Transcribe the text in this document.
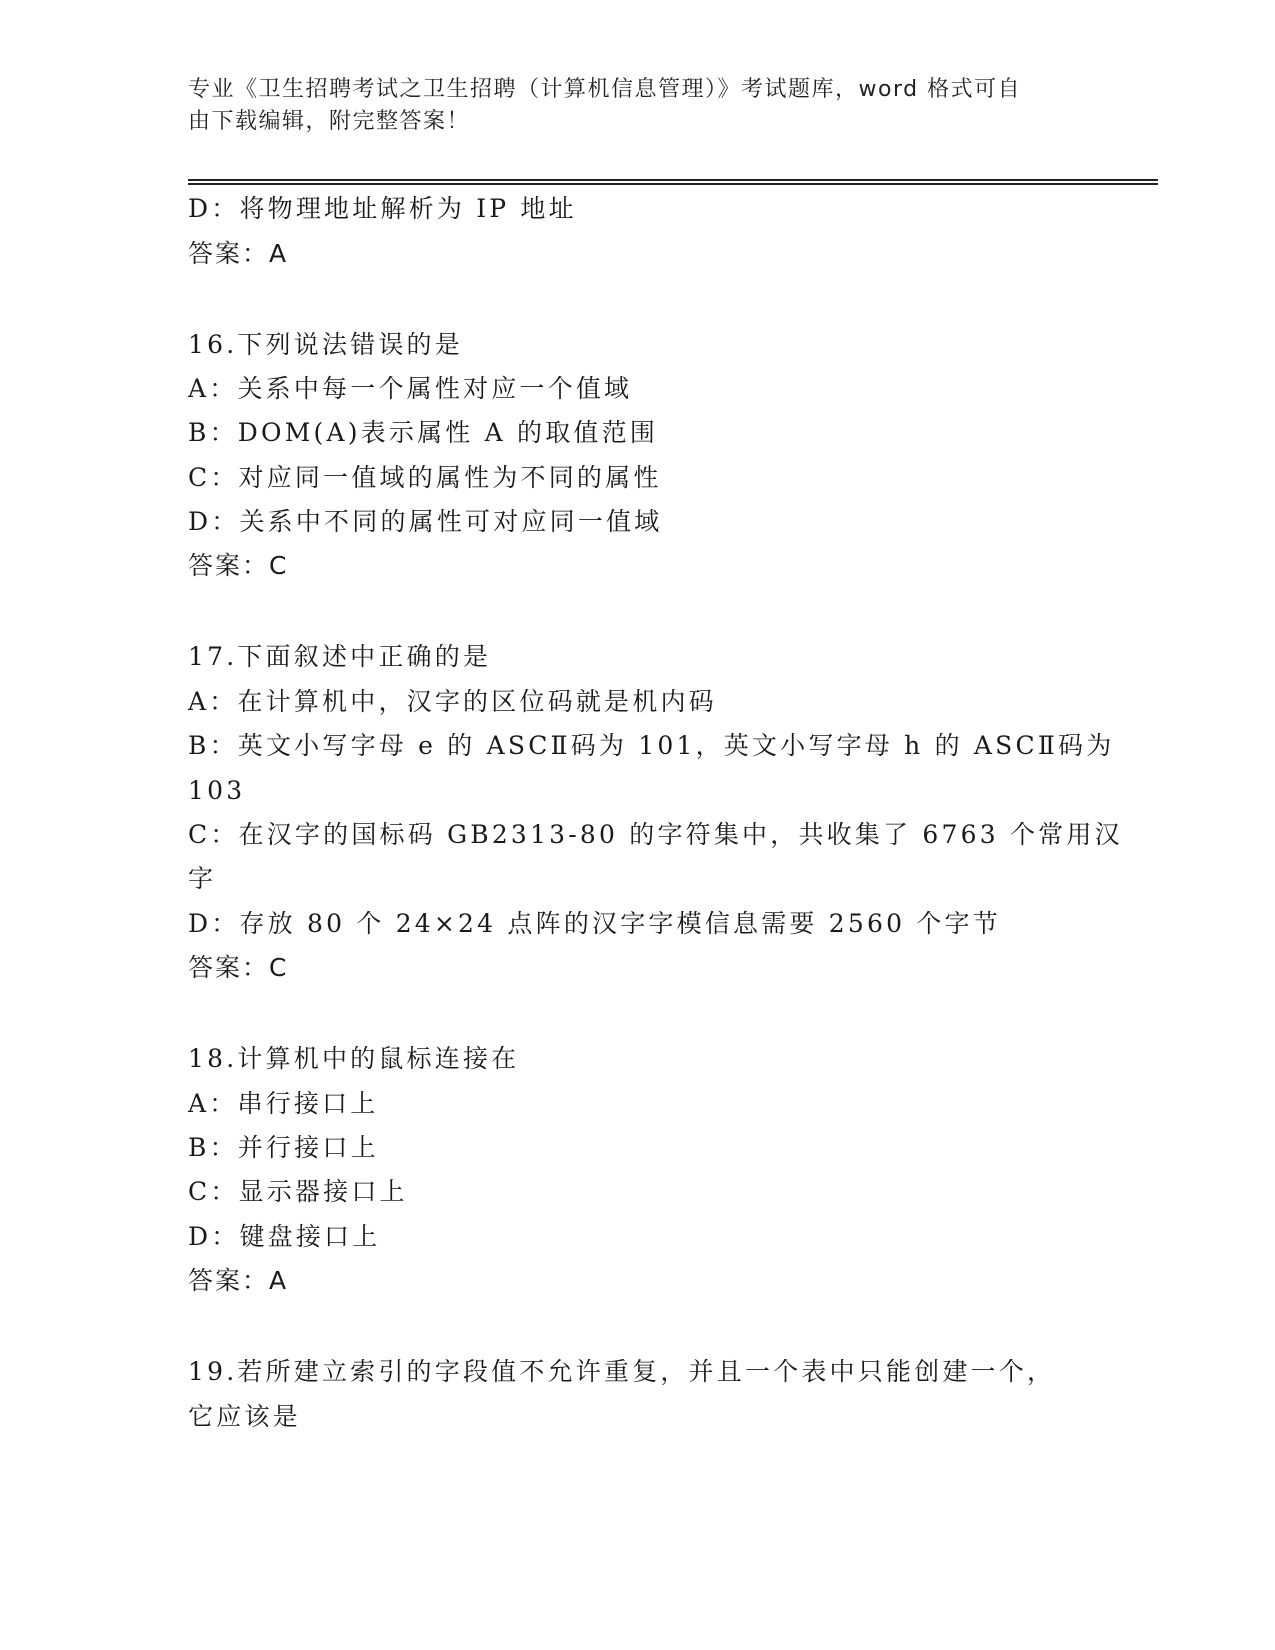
专业《卫生招聘考试之卫生招聘（计算机信息管理）》考试题库，word 格式可自
由下载编辑，附完整答案！
D：将物理地址解析为 IP 地址
答案：A
16.下列说法错误的是
A：关系中每一个属性对应一个值域
B：DOM(A)表示属性 A 的取值范围
C：对应同一值域的属性为不同的属性
D：关系中不同的属性可对应同一值域
答案：C
17.下面叙述中正确的是
A：在计算机中，汉字的区位码就是机内码
B：英文小写字母 e 的 ASCⅡ码为 101，英文小写字母 h 的 ASCⅡ码为
103
C：在汉字的国标码 GB2313-80 的字符集中，共收集了 6763 个常用汉
字
D：存放 80 个 24×24 点阵的汉字字模信息需要 2560 个字节
答案：C
18.计算机中的鼠标连接在
A：串行接口上
B：并行接口上
C：显示器接口上
D：键盘接口上
答案：A
19.若所建立索引的字段值不允许重复，并且一个表中只能创建一个，
它应该是
